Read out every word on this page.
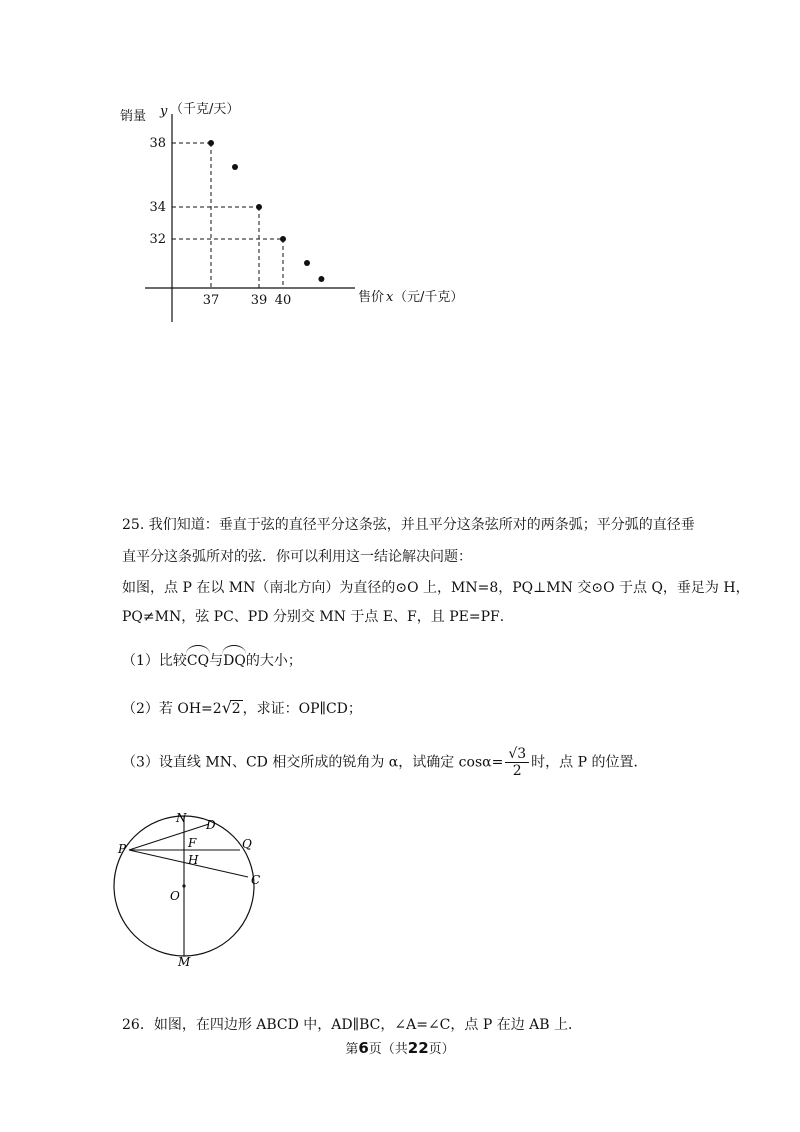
37 39 40
38
34
32
销量 y （千克/天）
售价 x （元/千克）
25. 我们知道：垂直于弦的直径平分这条弦，并且平分这条弦所对的两条弧；平分弧的直径垂
直平分这条弧所对的弦．你可以利用这一结论解决问题：
如图，点 P 在以 MN（南北方向）为直径的⊙O 上，MN=8，PQ⊥MN 交⊙O 于点 Q，垂足为 H，
PQ≠MN，弦 PC、PD 分别交 MN 于点 E、F，且 PE=PF．
（1）比较
CQ与
DQ的大小；
（2）若 OH=2 √ 2 ，求证：OP∥CD；
（3）设直线 MN、CD 相交所成的锐角为 α，试确定 $\cos\alpha= \frac{√3}{2}$ 时，点 P 的位置．
N D
Q
P	F
H
C
O
M
26．如图，在四边形 ABCD 中，AD∥BC，∠A=∠C，点 P 在边 AB 上．
第6页（共22页）
